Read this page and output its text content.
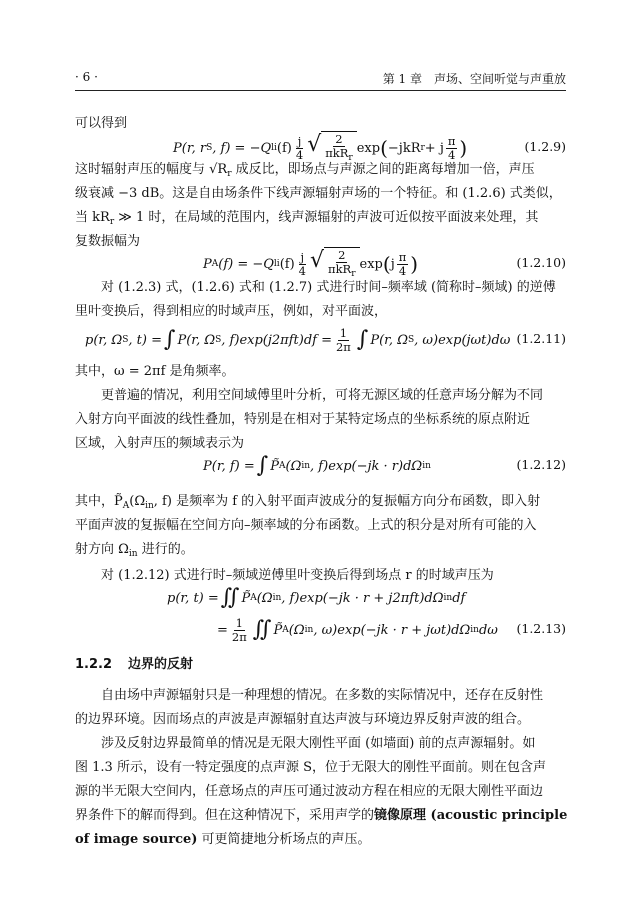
· 6 ·	第 1 章　声场、空间听觉与声重放
可以得到
P(r, r S , f) = −Q li $(f) \frac{j}{4}$ √ $\frac{2}{\pi kR_r}$ exp ( −jkR r + j $\frac{\pi}{4}$ )	(1.2.9)
这时辐射声压的幅度与 $√R_r$ 成反比，即场点与声源之间的距离每增加一倍，声压
级衰减 −3 dB。这是自由场条件下线声源辐射声场的一个特征。和 (1.2.6) 式类似，
当 $kR_r$ ≫ 1 时，在局域的范围内，线声源辐射的声波可近似按平面波来处理，其
复数振幅为
P A (f) = −Q li $(f) \frac{j}{4}$ √ $\frac{2}{\pi kR_r}$ exp ( j $\frac{\pi}{4}$ )	(1.2.10)
对 (1.2.3) 式，(1.2.6) 式和 (1.2.7) 式进行时间–频率域 (简称时–频域) 的逆傅
里叶变换后，得到相应的时域声压，例如，对平面波，
p(r, Ω S , t) = ∫ P(r, Ω S , $f)\exp(j2\pi ft)df = \frac{1}{2\pi}$ ∫ P(r, Ω S , ω)exp(jωt)dω (1.2.11)
其中，ω = 2πf 是角频率。
更普遍的情况，利用空间域傅里叶分析，可将无源区域的任意声场分解为不同
入射方向平面波的线性叠加，特别是在相对于某特定场点的坐标系统的原点附近
区域，入射声压的频域表示为
P(r, f) = ∫ P̃ A (Ω in , f)exp(−jk · r)dΩ in	(1.2.12)
其中，$P̃_A(\Omega_{in}$, f) 是频率为 f 的入射平面声波成分的复振幅方向分布函数，即入射
平面声波的复振幅在空间方向–频率域的分布函数。上式的积分是对所有可能的入
射方向 $\Omega_{in}$ 进行的。
对 (1.2.12) 式进行时–频域逆傅里叶变换后得到场点 r 的时域声压为
p(r, t) = ∬ P̃ A (Ω in , f)exp(−jk · r + j2πft)dΩ in df
= $\frac{1}{2\pi}$ ∬ P̃ A (Ω in , ω)exp(−jk · r + jωt)dΩ in dω (1.2.13)
1.2.2 边界的反射
自由场中声源辐射只是一种理想的情况。在多数的实际情况中，还存在反射性
的边界环境。因而场点的声波是声源辐射直达声波与环境边界反射声波的组合。
涉及反射边界最简单的情况是无限大刚性平面 (如墙面) 前的点声源辐射。如
图 1.3 所示，设有一特定强度的点声源 S，位于无限大的刚性平面前。则在包含声
源的半无限大空间内，任意场点的声压可通过波动方程在相应的无限大刚性平面边
界条件下的解而得到。但在这种情况下，采用声学的镜像原理 (acoustic principle
of image source) 可更简捷地分析场点的声压。
